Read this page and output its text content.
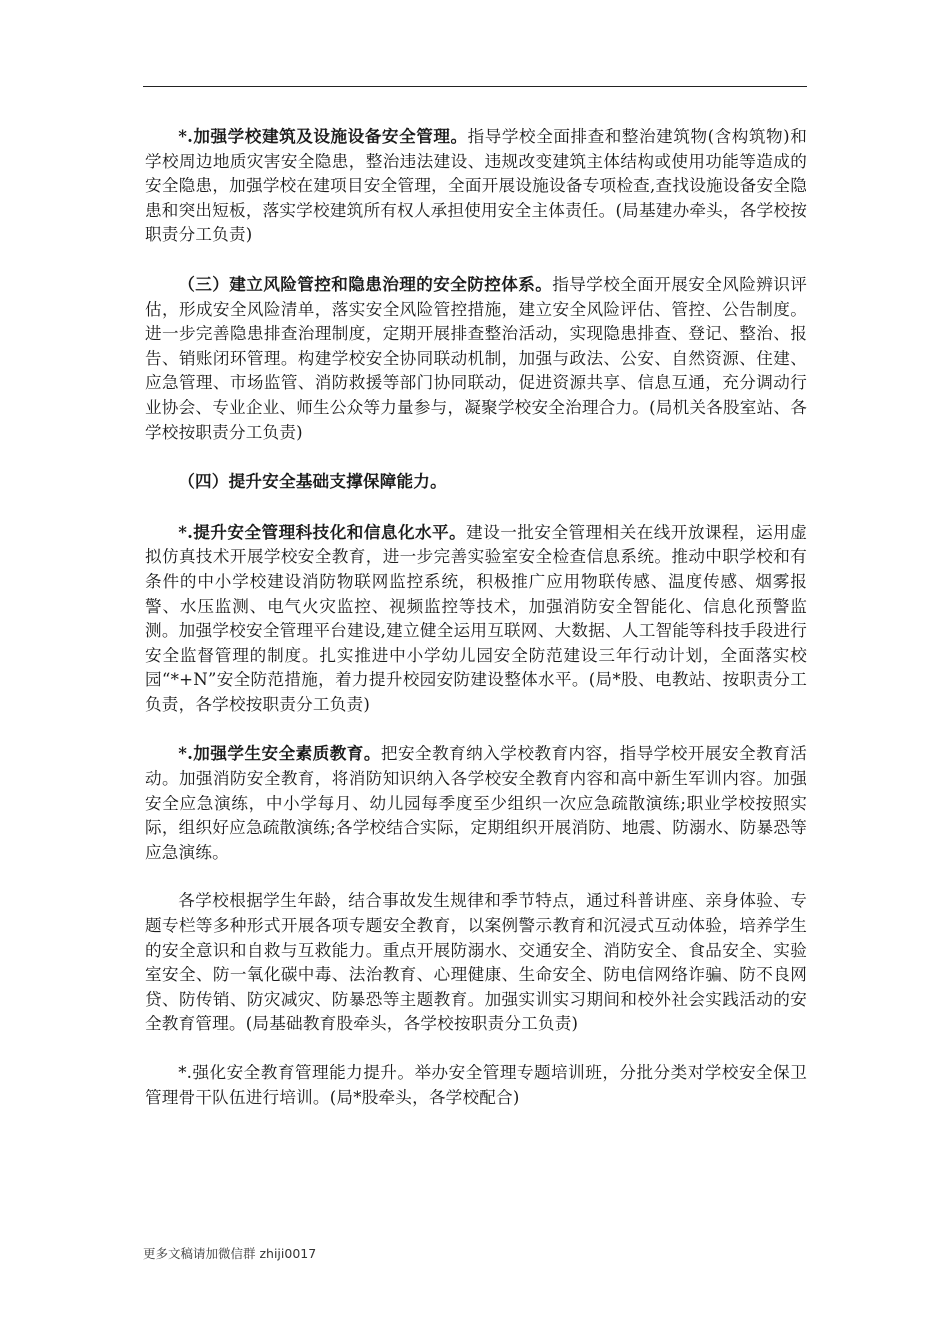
*.加强学校建筑及设施设备安全管理。指导学校全面排查和整治建筑物(含构筑物)和学校周边地质灾害安全隐患，整治违法建设、违规改变建筑主体结构或使用功能等造成的安全隐患，加强学校在建项目安全管理，全面开展设施设备专项检查,查找设施设备安全隐患和突出短板，落实学校建筑所有权人承担使用安全主体责任。(局基建办牵头，各学校按职责分工负责)

（三）建立风险管控和隐患治理的安全防控体系。指导学校全面开展安全风险辨识评估，形成安全风险清单，落实安全风险管控措施，建立安全风险评估、管控、公告制度。进一步完善隐患排查治理制度，定期开展排查整治活动，实现隐患排查、登记、整治、报告、销账闭环管理。构建学校安全协同联动机制，加强与政法、公安、自然资源、住建、应急管理、市场监管、消防救援等部门协同联动，促进资源共享、信息互通，充分调动行业协会、专业企业、师生公众等力量参与，凝聚学校安全治理合力。(局机关各股室站、各学校按职责分工负责)

（四）提升安全基础支撑保障能力。

*.提升安全管理科技化和信息化水平。建设一批安全管理相关在线开放课程，运用虚拟仿真技术开展学校安全教育，进一步完善实验室安全检查信息系统。推动中职学校和有条件的中小学校建设消防物联网监控系统，积极推广应用物联传感、温度传感、烟雾报警、水压监测、电气火灾监控、视频监控等技术，加强消防安全智能化、信息化预警监测。加强学校安全管理平台建设,建立健全运用互联网、大数据、人工智能等科技手段进行安全监督管理的制度。扎实推进中小学幼儿园安全防范建设三年行动计划，全面落实校园“*+N”安全防范措施，着力提升校园安防建设整体水平。(局*股、电教站、按职责分工负责，各学校按职责分工负责)

*.加强学生安全素质教育。把安全教育纳入学校教育内容，指导学校开展安全教育活动。加强消防安全教育，将消防知识纳入各学校安全教育内容和高中新生军训内容。加强安全应急演练，中小学每月、幼儿园每季度至少组织一次应急疏散演练;职业学校按照实际，组织好应急疏散演练;各学校结合实际，定期组织开展消防、地震、防溺水、防暴恐等应急演练。

各学校根据学生年龄，结合事故发生规律和季节特点，通过科普讲座、亲身体验、专题专栏等多种形式开展各项专题安全教育，以案例警示教育和沉浸式互动体验，培养学生的安全意识和自救与互救能力。重点开展防溺水、交通安全、消防安全、食品安全、实验室安全、防一氧化碳中毒、法治教育、心理健康、生命安全、防电信网络诈骗、防不良网贷、防传销、防灾减灾、防暴恐等主题教育。加强实训实习期间和校外社会实践活动的安全教育管理。(局基础教育股牵头，各学校按职责分工负责)

*.强化安全教育管理能力提升。举办安全管理专题培训班，分批分类对学校安全保卫管理骨干队伍进行培训。(局*股牵头，各学校配合)

更多文稿请加微信群 zhiji0017
